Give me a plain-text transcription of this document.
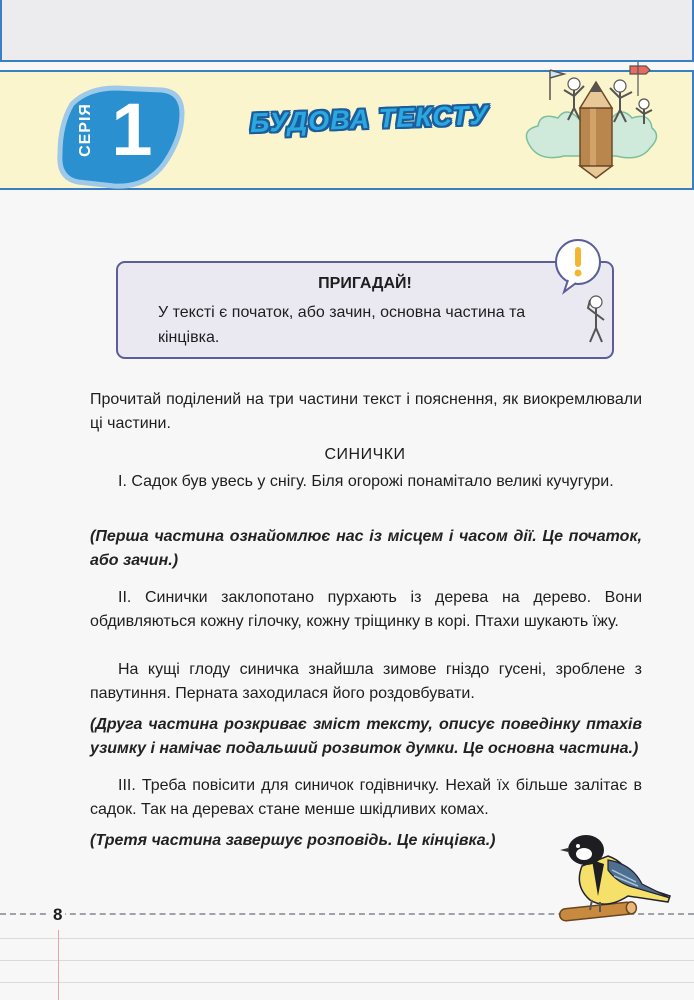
СЕРІЯ 1	БУДОВА ТЕКСТУ
ПРИГАДАЙ!
У тексті є початок, або зачин, основна частина та кінцівка.

Прочитай поділений на три частини текст і пояснення, як виокремлювали ці частини.

СИНИЧКИ

І. Садок був увесь у снігу. Біля огорожі понамітало великі кучугури.

(Перша частина ознайомлює нас із місцем і часом дії. Це початок, або зачин.)

ІІ. Синички заклопотано пурхають із дерева на дерево. Вони обдивляються кожну гілочку, кожну тріщинку в корі. Птахи шукають їжу.

На кущі глоду синичка знайшла зимове гніздо гусені, зроблене з павутиння. Перната заходилася його роздовбувати.

(Друга частина розкриває зміст тексту, описує поведінку птахів узимку і намічає подальший розвиток думки. Це основна частина.)

ІІІ. Треба повісити для синичок годівничку. Нехай їх більше залітає в садок. Так на деревах стане менше шкідливих комах.

(Третя частина завершує розповідь. Це кінцівка.)

8
